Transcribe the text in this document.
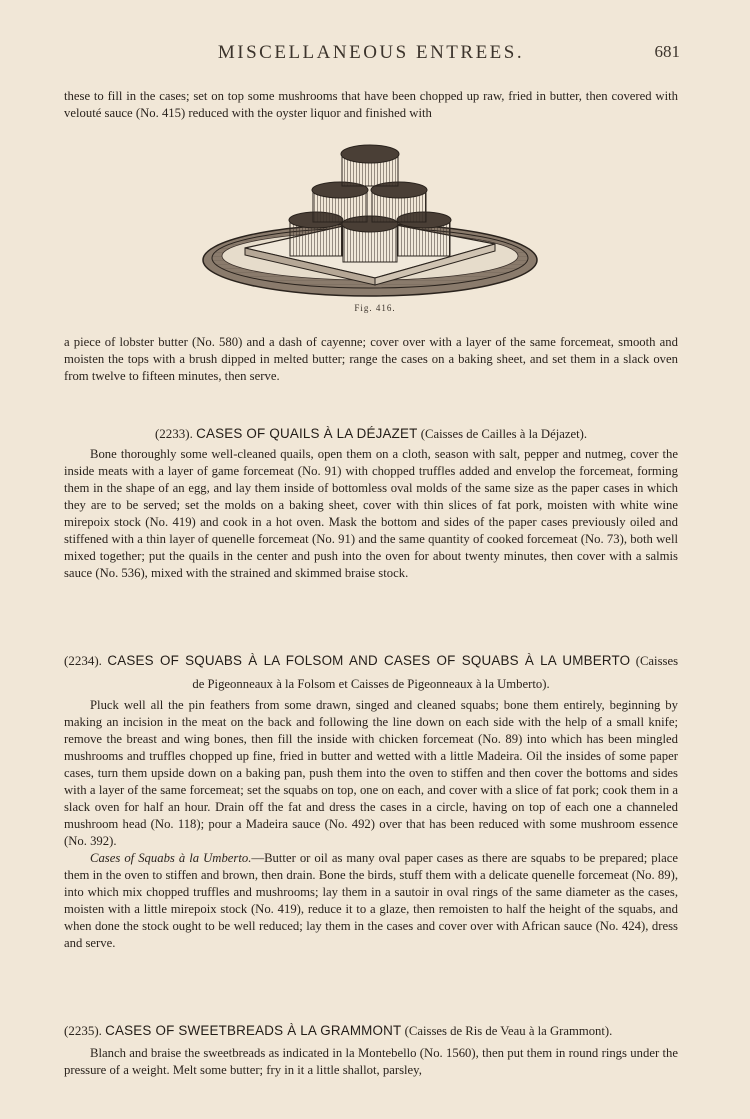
MISCELLANEOUS ENTREES.	681

these to fill in the cases; set on top some mushrooms that have been chopped up raw, fried in butter, then covered with velouté sauce (No. 415) reduced with the oyster liquor and finished with

Fig. 416.

a piece of lobster butter (No. 580) and a dash of cayenne; cover over with a layer of the same forcemeat, smooth and moisten the tops with a brush dipped in melted butter; range the cases on a baking sheet, and set them in a slack oven from twelve to fifteen minutes, then serve.

(2233). CASES OF QUAILS À LA DÉJAZET (Caisses de Cailles à la Déjazet).

Bone thoroughly some well-cleaned quails, open them on a cloth, season with salt, pepper and nutmeg, cover the inside meats with a layer of game forcemeat (No. 91) with chopped truffles added and envelop the forcemeat, forming them in the shape of an egg, and lay them inside of bottomless oval molds of the same size as the paper cases in which they are to be served; set the molds on a baking sheet, cover with thin slices of fat pork, moisten with white wine mirepoix stock (No. 419) and cook in a hot oven. Mask the bottom and sides of the paper cases previously oiled and stiffened with a thin layer of quenelle forcemeat (No. 91) and the same quantity of cooked forcemeat (No. 73), both well mixed together; put the quails in the center and push into the oven for about twenty minutes, then cover with a salmis sauce (No. 536), mixed with the strained and skimmed braise stock.

(2234). CASES OF SQUABS À LA FOLSOM AND CASES OF SQUABS À LA UMBERTO (Caisses
de Pigeonneaux à la Folsom et Caisses de Pigeonneaux à la Umberto).

Pluck well all the pin feathers from some drawn, singed and cleaned squabs; bone them entirely, beginning by making an incision in the meat on the back and following the line down on each side with the help of a small knife; remove the breast and wing bones, then fill the inside with chicken forcemeat (No. 89) into which has been mingled mushrooms and truffles chopped up fine, fried in butter and wetted with a little Madeira. Oil the insides of some paper cases, turn them upside down on a baking pan, push them into the oven to stiffen and then cover the bottoms and sides with a layer of the same forcemeat; set the squabs on top, one on each, and cover with a slice of fat pork; cook them in a slack oven for half an hour. Drain off the fat and dress the cases in a circle, having on top of each one a channeled mushroom head (No. 118); pour a Madeira sauce (No. 492) over that has been reduced with some mushroom essence (No. 392).

Cases of Squabs à la Umberto.—Butter or oil as many oval paper cases as there are squabs to be prepared; place them in the oven to stiffen and brown, then drain. Bone the birds, stuff them with a delicate quenelle forcemeat (No. 89), into which mix chopped truffles and mushrooms; lay them in a sautoir in oval rings of the same diameter as the cases, moisten with a little mirepoix stock (No. 419), reduce it to a glaze, then remoisten to half the height of the squabs, and when done the stock ought to be well reduced; lay them in the cases and cover over with African sauce (No. 424), dress and serve.

(2235). CASES OF SWEETBREADS À LA GRAMMONT (Caisses de Ris de Veau à la Grammont).

Blanch and braise the sweetbreads as indicated in la Montebello (No. 1560), then put them in round rings under the pressure of a weight. Melt some butter; fry in it a little shallot, parsley,
